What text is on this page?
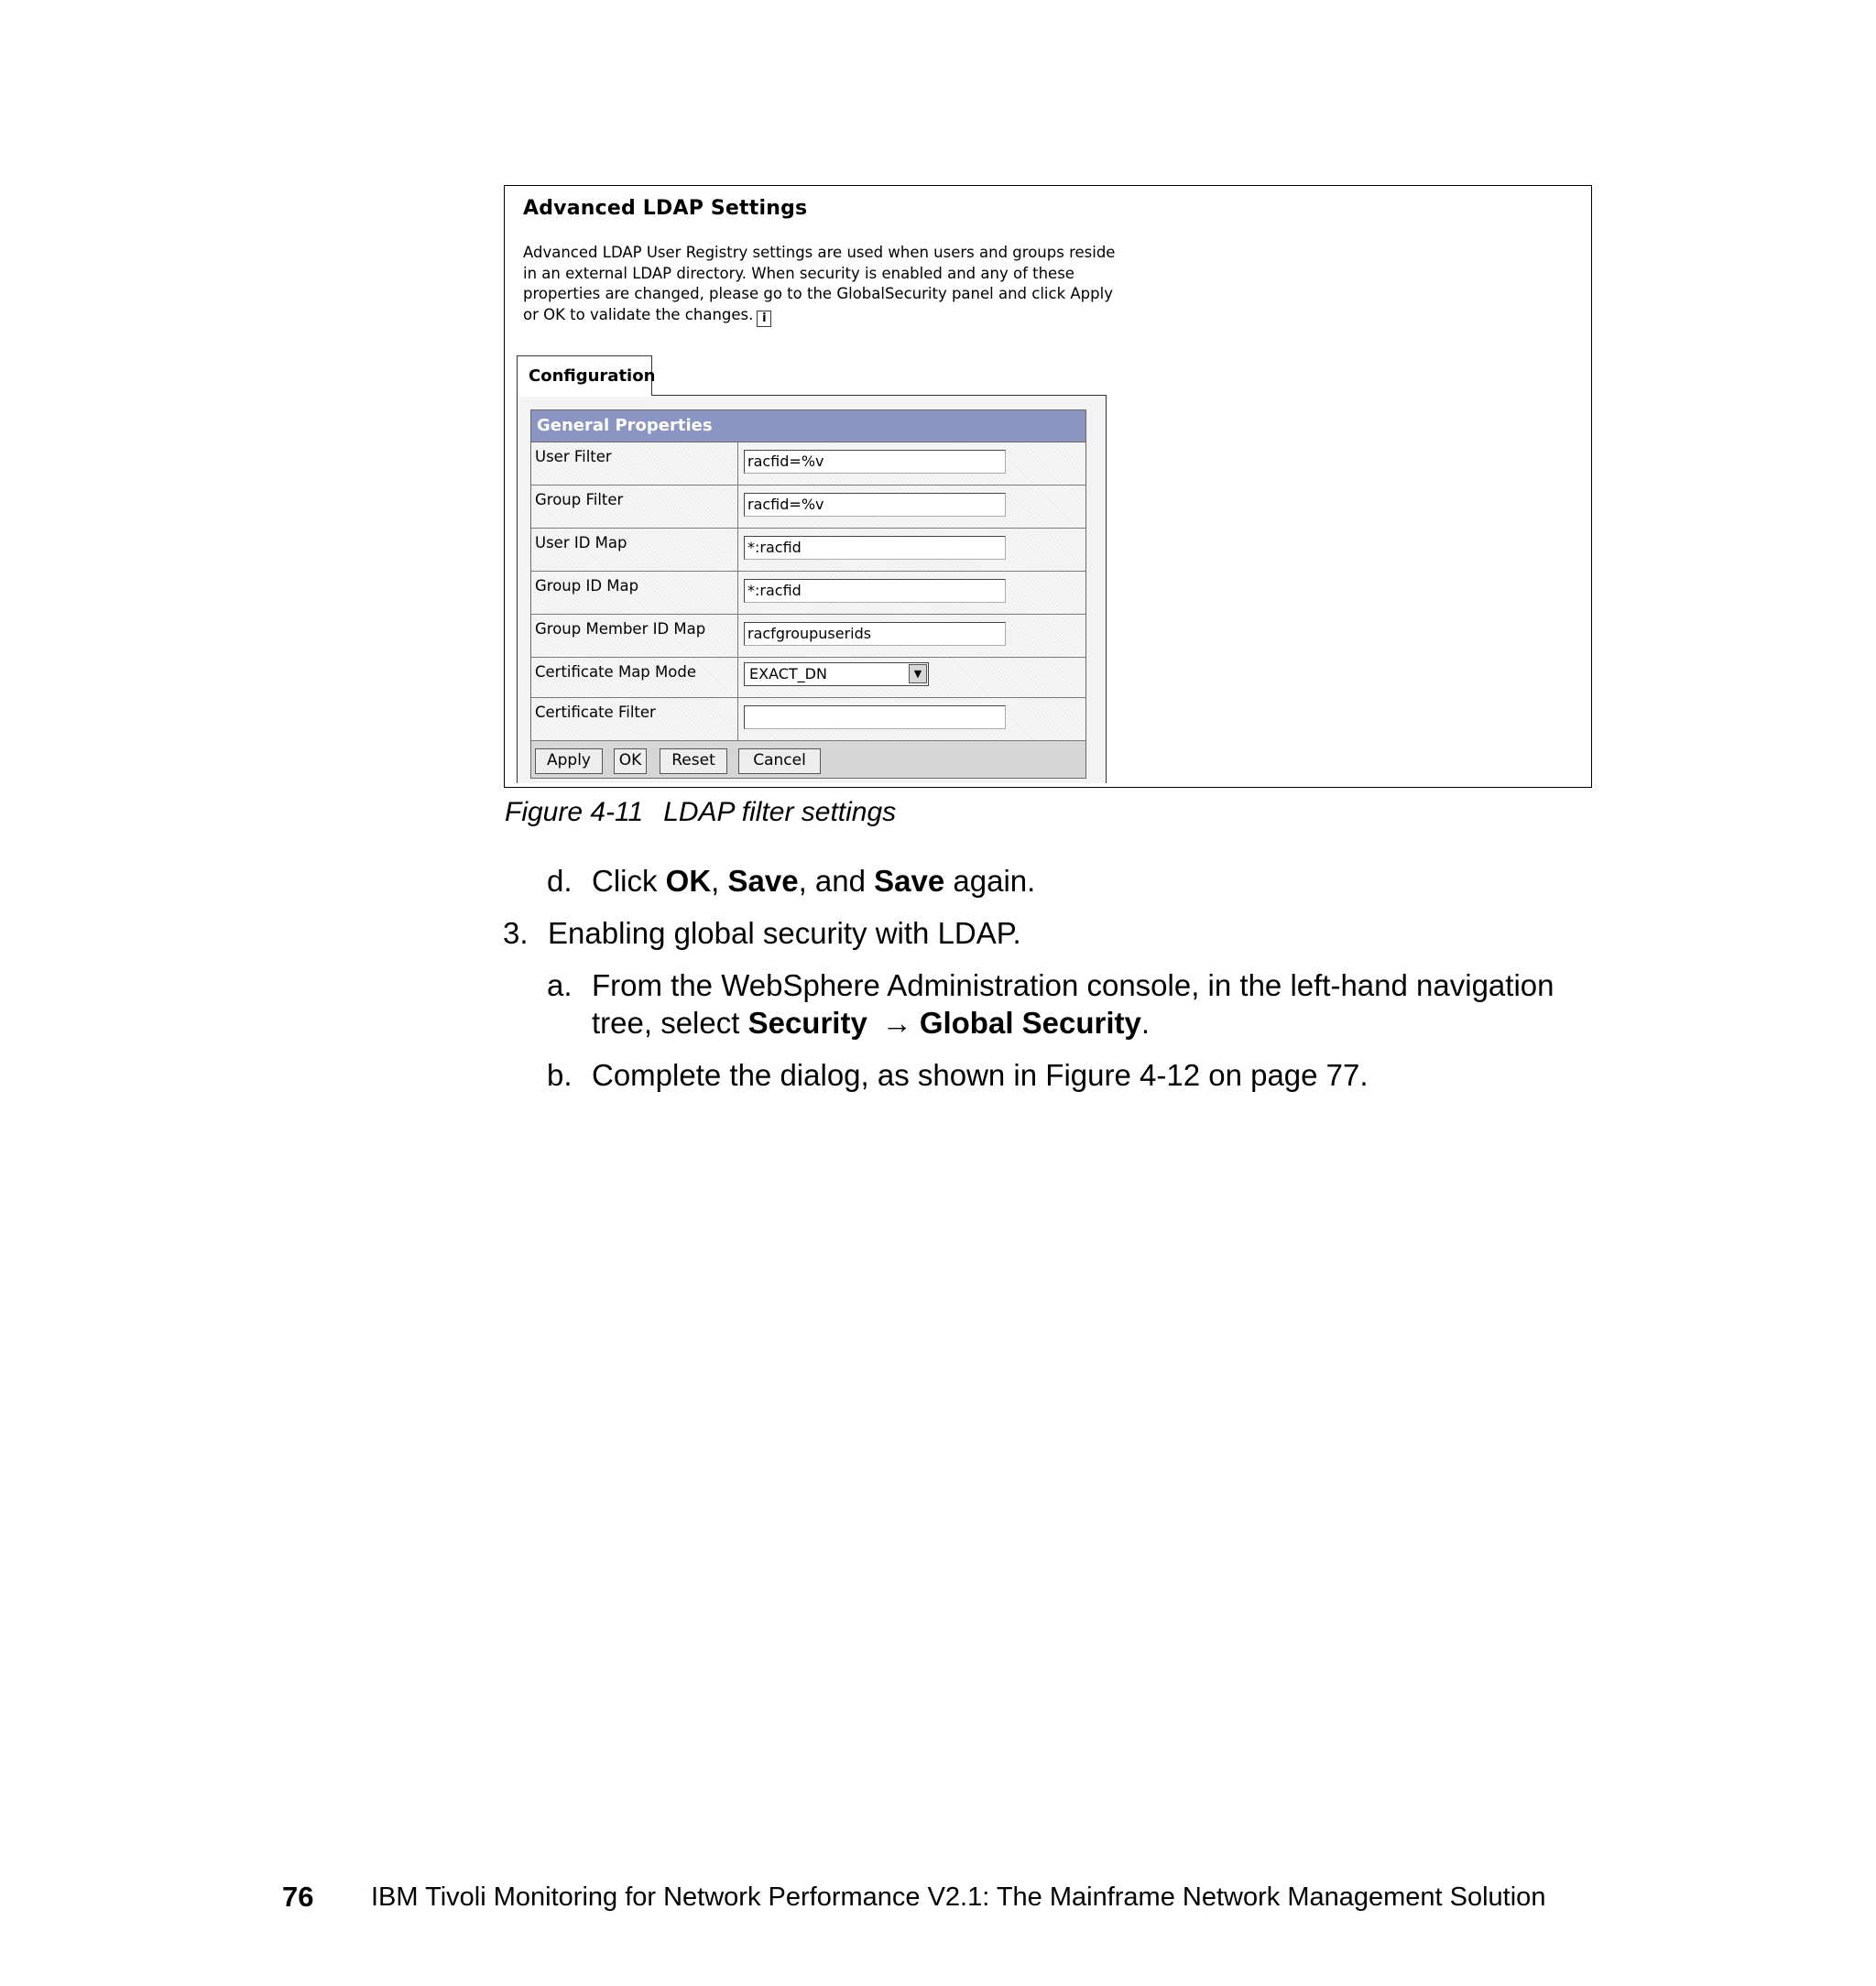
Advanced LDAP Settings
Advanced LDAP User Registry settings are used when users and groups reside in an external LDAP directory. When security is enabled and any of these properties are changed, please go to the GlobalSecurity panel and click Apply or OK to validate the changes. i
Configuration
General Properties
User Filter	racfid=%v
Group Filter	racfid=%v
User ID Map	*:racfid
Group ID Map	*:racfid
Group Member ID Map	racfgroupuserids
Certificate Map Mode	EXACT_DN	▼
Certificate Filter
Apply	OK	Reset	Cancel
Figure 4-11 LDAP filter settings
d. Click OK, Save, and Save again.
3. Enabling global security with LDAP.
a. From the WebSphere Administration console, in the left-hand navigation
tree, select Security → Global Security.
b. Complete the dialog, as shown in Figure 4-12 on page 77.
76 IBM Tivoli Monitoring for Network Performance V2.1: The Mainframe Network Management Solution
